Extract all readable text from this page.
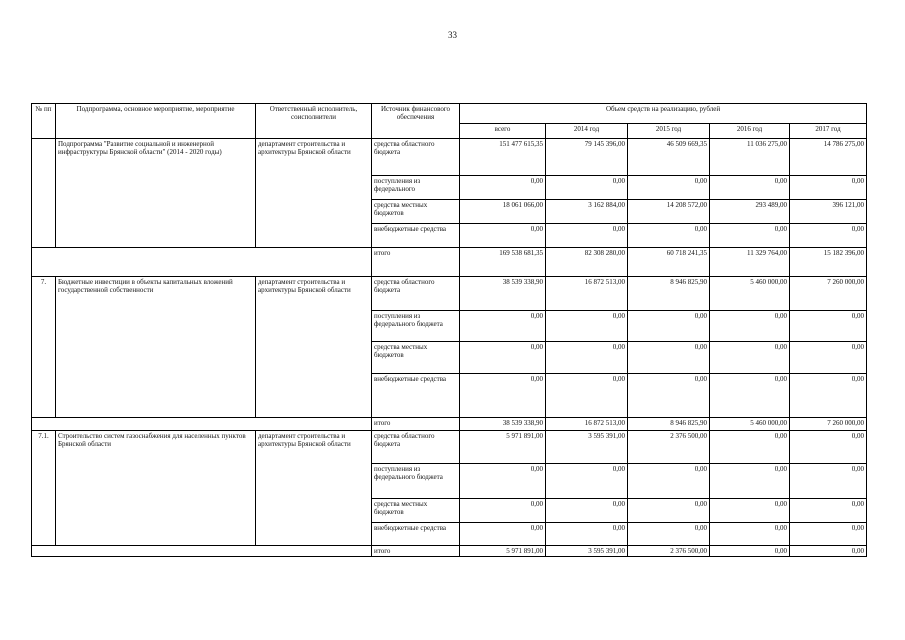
33
№ пп	Подпрограмма, основное мероприятие, мероприятие	Ответственный исполнитель, соисполнители	Источник финансового обеспечения	Объем средств на реализацию, рублей				
				всего	2014 год	2015 год	2016 год	2017 год
	Подпрограмма "Развитие социальной и инженерной инфраструктуры Брянской области" (2014 - 2020 годы)	департамент строительства и архитектуры Брянской области	средства областного бюджета	151 477 615,35	79 145 396,00	46 509 669,35	11 036 275,00	14 786 275,00
			поступления из федерального	0,00	0,00	0,00	0,00	0,00
			средства местных бюджетов	18 061 066,00	3 162 884,00	14 208 572,00	293 489,00	396 121,00
			внебюджетные средства	0,00	0,00	0,00	0,00	0,00
			итого	169 538 681,35	82 308 280,00	60 718 241,35	11 329 764,00	15 182 396,00
7.	Бюджетные инвестиции в объекты капитальных вложений государственной собственности	департамент строительства и архитектуры Брянской области	средства областного бюджета	38 539 338,90	16 872 513,00	8 946 825,90	5 460 000,00	7 260 000,00
			поступления из федерального бюджета	0,00	0,00	0,00	0,00	0,00
			средства местных бюджетов	0,00	0,00	0,00	0,00	0,00
			внебюджетные средства	0,00	0,00	0,00	0,00	0,00
			итого	38 539 338,90	16 872 513,00	8 946 825,90	5 460 000,00	7 260 000,00
7.1.	Строительство систем газоснабжения для населенных пунктов Брянской области	департамент строительства и архитектуры Брянской области	средства областного бюджета	5 971 891,00	3 595 391,00	2 376 500,00	0,00	0,00
			поступления из федерального бюджета	0,00	0,00	0,00	0,00	0,00
			средства местных бюджетов	0,00	0,00	0,00	0,00	0,00
			внебюджетные средства	0,00	0,00	0,00	0,00	0,00
			итого	5 971 891,00	3 595 391,00	2 376 500,00	0,00	0,00
